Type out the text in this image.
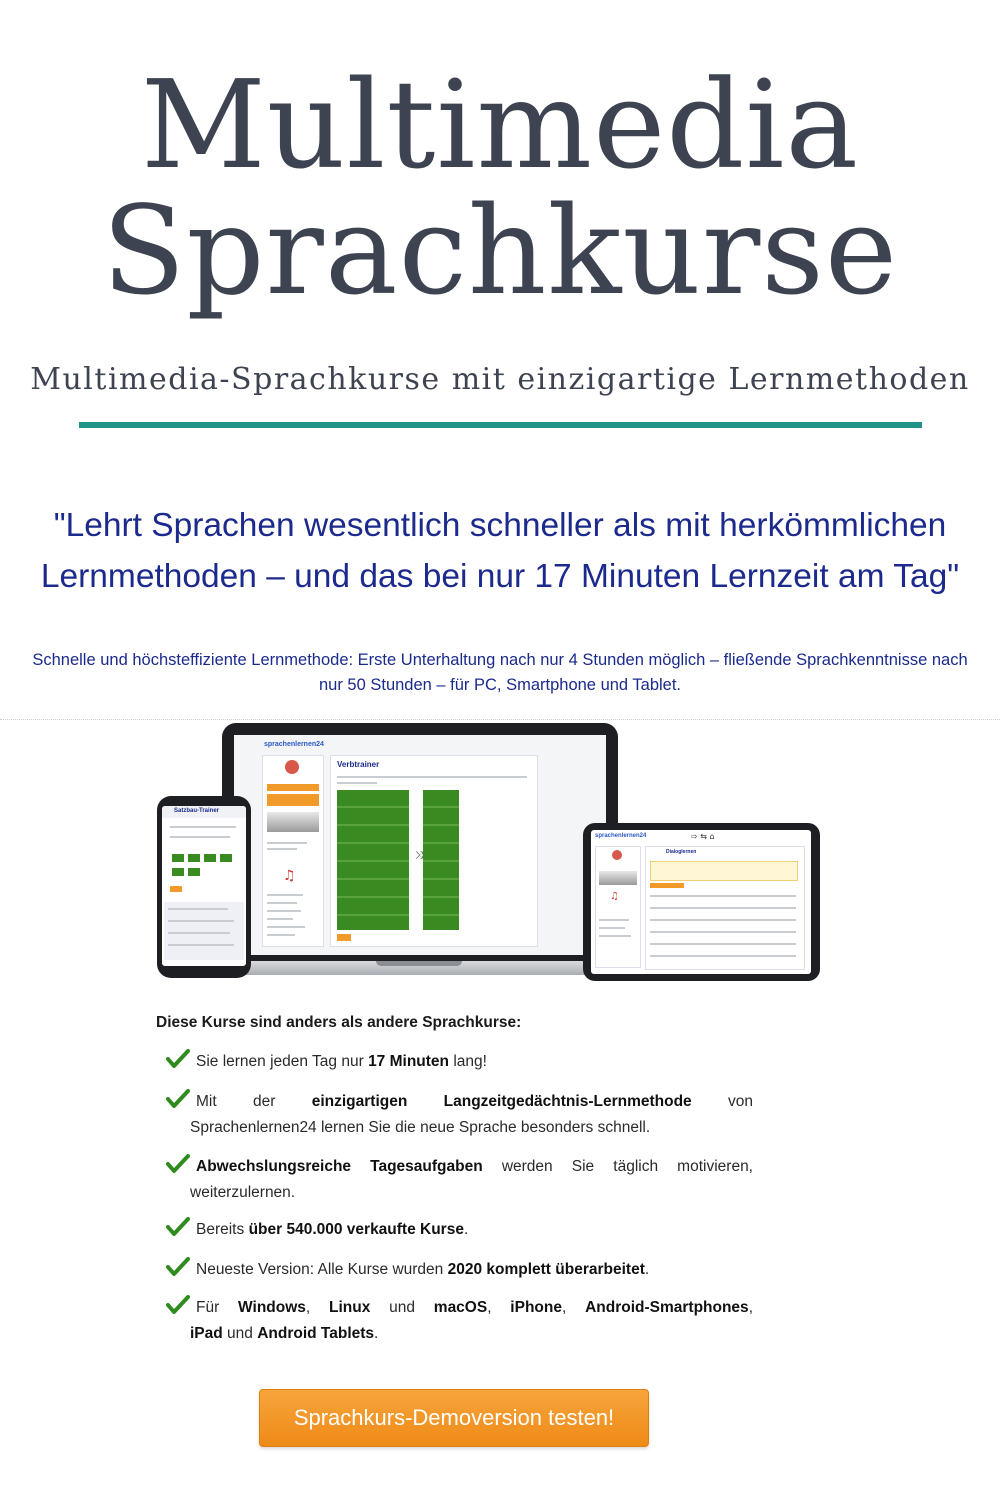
Multimedia
Sprachkurse
Multimedia-Sprachkurse mit einzigartige Lernmethoden
"Lehrt Sprachen wesentlich schneller als mit herkömmlichen
Lernmethoden – und das bei nur 17 Minuten Lernzeit am Tag"
Schnelle und höchsteffiziente Lernmethode: Erste Unterhaltung nach nur 4 Stunden möglich – fließende Sprachkenntnisse nach
nur 50 Stunden – für PC, Smartphone und Tablet.
sprachenlernen24
♫
Verbtrainer
⤨
Satzbau-Trainer
sprachenlernen24	⇨ ⇆ ⌂
♫
Dialoglernen
Diese Kurse sind anders als andere Sprachkurse:
Sie lernen jeden Tag nur 17 Minuten lang!
Mit der einzigartigen Langzeitgedächtnis-Lernmethode von
Sprachenlernen24 lernen Sie die neue Sprache besonders schnell.
Abwechslungsreiche Tagesaufgaben werden Sie täglich motivieren,
weiterzulernen.
Bereits über 540.000 verkaufte Kurse.
Neueste Version: Alle Kurse wurden 2020 komplett überarbeitet.
Für Windows, Linux und macOS, iPhone, Android-Smartphones,
iPad und Android Tablets.
Sprachkurs-Demoversion testen!
